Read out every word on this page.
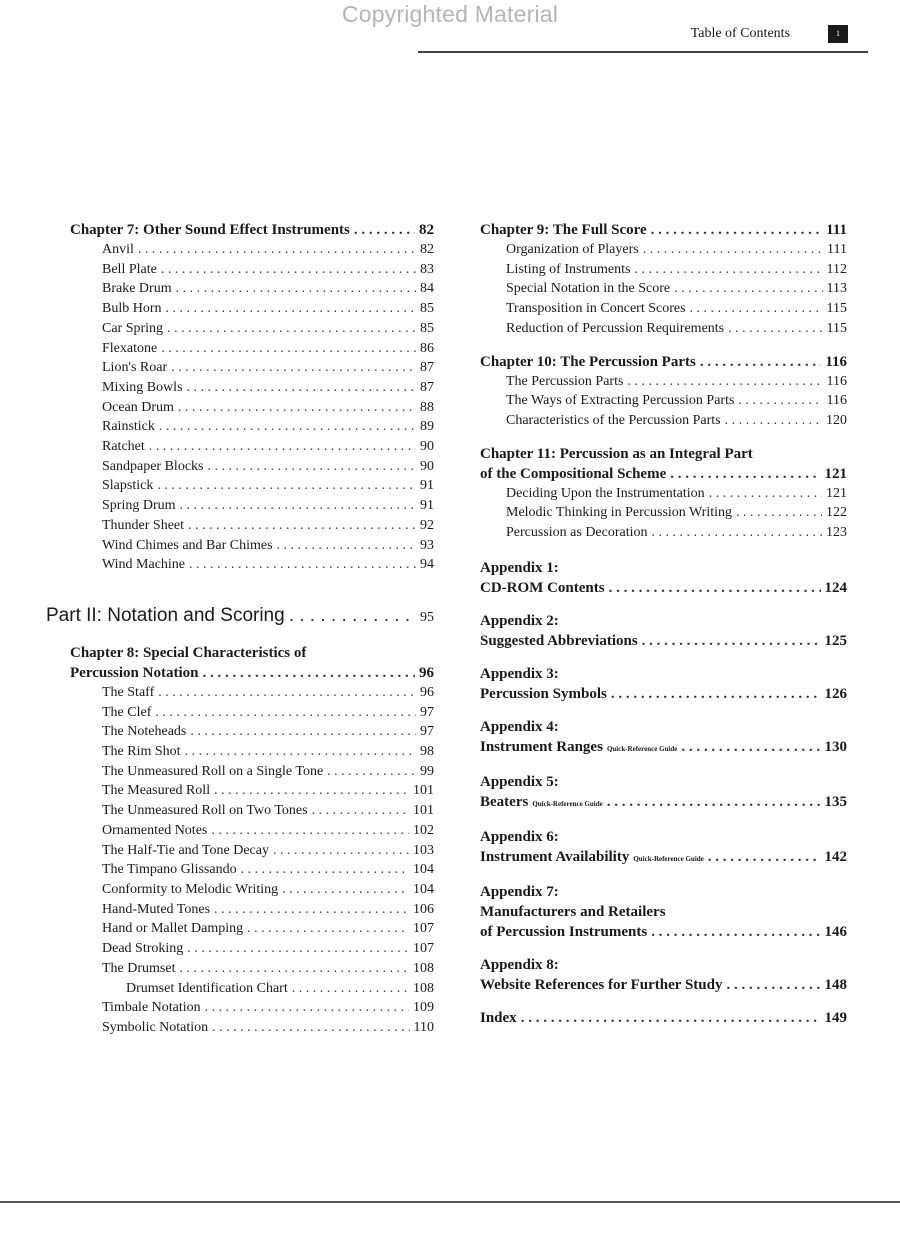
Copyrighted Material
Table of Contents	1
Chapter 7: Other Sound Effect Instruments . . .	82
Anvil . . .	82
Bell Plate . . .	83
Brake Drum . . .	84
Bulb Horn . . .	85
Car Spring . . .	85
Flexatone . . .	86
Lion's Roar . . .	87
Mixing Bowls . . .	87
Ocean Drum . . .	88
Rainstick . . .	89
Ratchet . . .	90
Sandpaper Blocks . . .	90
Slapstick . . .	91
Spring Drum . . .	91
Thunder Sheet . . .	92
Wind Chimes and Bar Chimes . . .	93
Wind Machine . . .	94
Part II: Notation and Scoring . . .	95
Chapter 8: Special Characteristics of
Percussion Notation . . .	96
The Staff . . .	96
The Clef . . .	97
The Noteheads . . .	97
The Rim Shot . . .	98
The Unmeasured Roll on a Single Tone . . .	99
The Measured Roll . . .	101
The Unmeasured Roll on Two Tones . . .	101
Ornamented Notes . . .	102
The Half-Tie and Tone Decay . . .	103
The Timpano Glissando . . .	104
Conformity to Melodic Writing . . .	104
Hand-Muted Tones . . .	106
Hand or Mallet Damping . . .	107
Dead Stroking . . .	107
The Drumset . . .	108
Drumset Identification Chart . . .	108
Timbale Notation . . .	109
Symbolic Notation . . .	110
Chapter 9: The Full Score . . .	111
Organization of Players . . .	111
Listing of Instruments . . .	112
Special Notation in the Score . . .	113
Transposition in Concert Scores . . .	115
Reduction of Percussion Requirements . . .	115
Chapter 10: The Percussion Parts . . .	116
The Percussion Parts . . .	116
The Ways of Extracting Percussion Parts . . .	116
Characteristics of the Percussion Parts . . .	120
Chapter 11: Percussion as an Integral Part
of the Compositional Scheme . . .	121
Deciding Upon the Instrumentation . . .	121
Melodic Thinking in Percussion Writing . . .	122
Percussion as Decoration . . .	123
Appendix 1:
CD-ROM Contents . . .	124
Appendix 2:
Suggested Abbreviations . . .	125
Appendix 3:
Percussion Symbols . . .	126
Appendix 4:
Instrument Ranges Quick-Reference Guide . . .	130
Appendix 5:
Beaters Quick-Reference Guide . . .	135
Appendix 6:
Instrument Availability Quick-Reference Guide . . .	142
Appendix 7:
Manufacturers and Retailers
of Percussion Instruments . . .	146
Appendix 8:
Website References for Further Study . . .	148
Index . . .	149
